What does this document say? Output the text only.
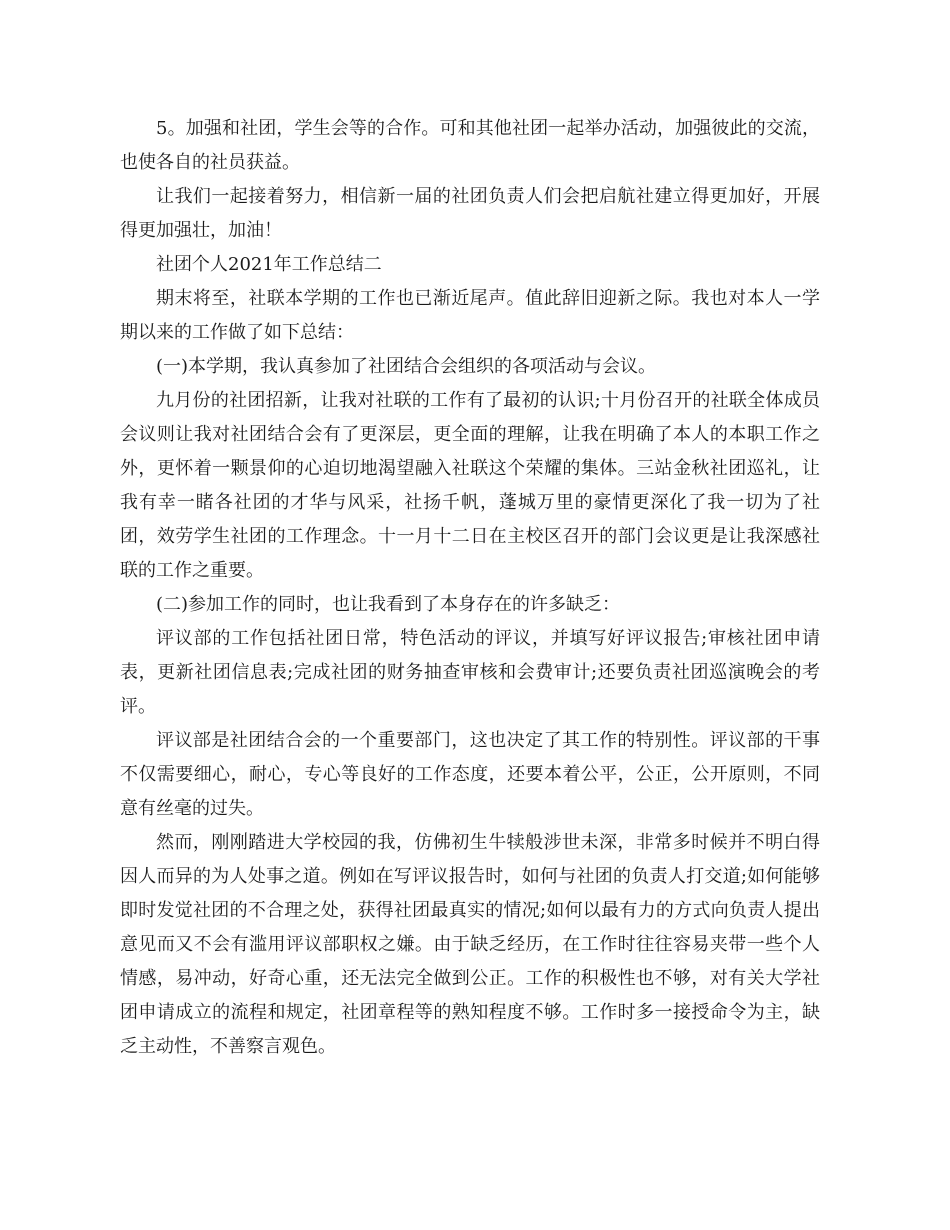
5。加强和社团，学生会等的合作。可和其他社团一起举办活动，加强彼此的交流，也使各自的社员获益。

让我们一起接着努力，相信新一届的社团负责人们会把启航社建立得更加好，开展得更加强壮，加油！

社团个人2021年工作总结二

期末将至，社联本学期的工作也已渐近尾声。值此辞旧迎新之际。我也对本人一学期以来的工作做了如下总结：

(一)本学期，我认真参加了社团结合会组织的各项活动与会议。

九月份的社团招新，让我对社联的工作有了最初的认识;十月份召开的社联全体成员会议则让我对社团结合会有了更深层，更全面的理解，让我在明确了本人的本职工作之外，更怀着一颗景仰的心迫切地渴望融入社联这个荣耀的集体。三站金秋社团巡礼，让我有幸一睹各社团的才华与风采，社扬千帆，蓬城万里的豪情更深化了我一切为了社团，效劳学生社团的工作理念。十一月十二日在主校区召开的部门会议更是让我深感社联的工作之重要。

(二)参加工作的同时，也让我看到了本身存在的许多缺乏：

评议部的工作包括社团日常，特色活动的评议，并填写好评议报告;审核社团申请表，更新社团信息表;完成社团的财务抽查审核和会费审计;还要负责社团巡演晚会的考评。

评议部是社团结合会的一个重要部门，这也决定了其工作的特别性。评议部的干事不仅需要细心，耐心，专心等良好的工作态度，还要本着公平，公正，公开原则，不同意有丝毫的过失。

然而，刚刚踏进大学校园的我，仿佛初生牛犊般涉世未深，非常多时候并不明白得因人而异的为人处事之道。例如在写评议报告时，如何与社团的负责人打交道;如何能够即时发觉社团的不合理之处，获得社团最真实的情况;如何以最有力的方式向负责人提出意见而又不会有滥用评议部职权之嫌。由于缺乏经历，在工作时往往容易夹带一些个人情感，易冲动，好奇心重，还无法完全做到公正。工作的积极性也不够，对有关大学社团申请成立的流程和规定，社团章程等的熟知程度不够。工作时多一接授命令为主，缺乏主动性，不善察言观色。
